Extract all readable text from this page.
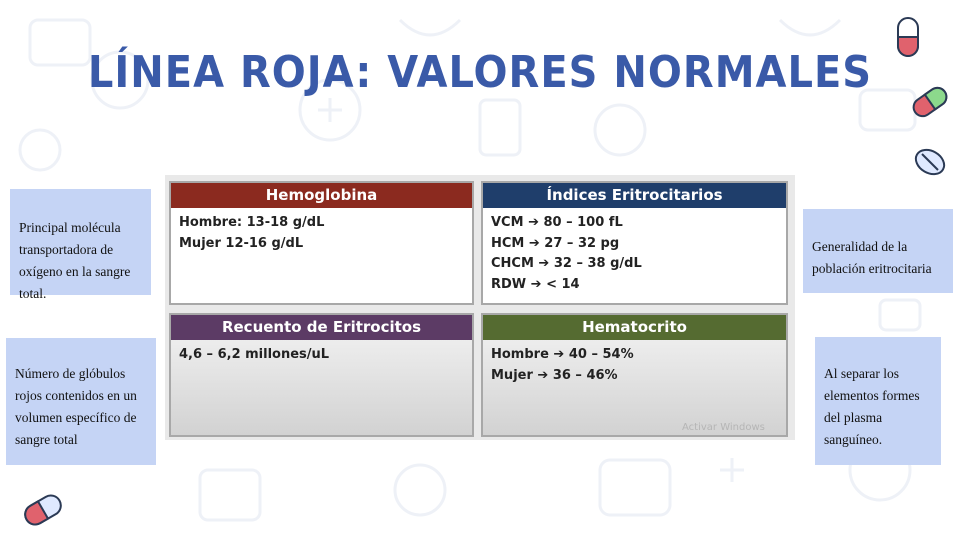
LÍNEA ROJA: VALORES NORMALES
Principal molécula transportadora de oxígeno en la sangre total.
Número de glóbulos rojos contenidos en un volumen específico de sangre total
Generalidad de la población eritrocitaria
Al separar los elementos formes del plasma sanguíneo.
Hemoglobina
Hombre: 13-18 g/dL
Mujer 12-16 g/dL
Índices Eritrocitarios
VCM ➔ 80 – 100 fL
HCM ➔ 27 – 32 pg
CHCM ➔ 32 – 38 g/dL
RDW ➔ < 14
Recuento de Eritrocitos
4,6 – 6,2 millones/uL
Hematocrito
Hombre ➔ 40 – 54%
Mujer ➔ 36 – 46%
Activar Windows
